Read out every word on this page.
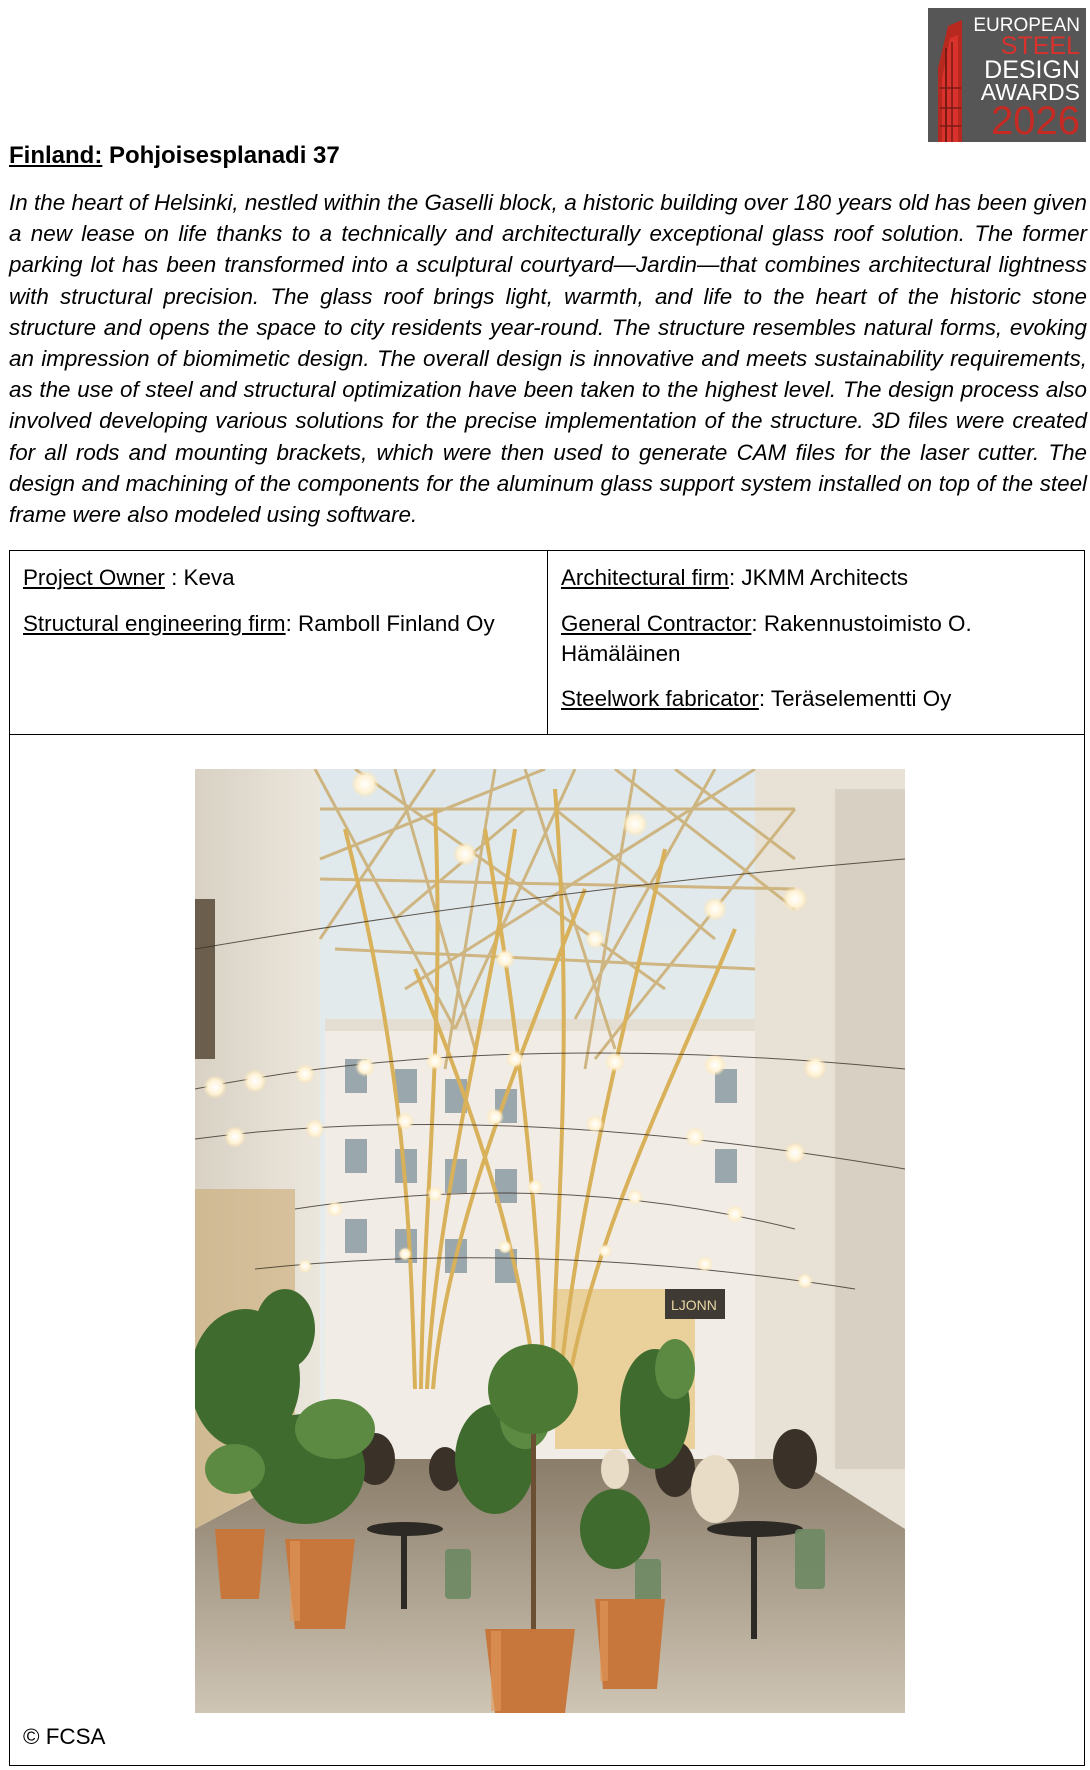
EUROPEAN
STEEL
DESIGN
AWARDS
2026
Finland: Pohjoisesplanadi 37

In the heart of Helsinki, nestled within the Gaselli block, a historic building over 180 years old has been given a new lease on life thanks to a technically and architecturally exceptional glass roof solution. The former parking lot has been transformed into a sculptural courtyard—Jardin—that combines architectural lightness with structural precision. The glass roof brings light, warmth, and life to the heart of the historic stone structure and opens the space to city residents year-round. The structure resembles natural forms, evoking an impression of biomimetic design. The overall design is innovative and meets sustainability requirements, as the use of steel and structural optimization have been taken to the highest level. The design process also involved developing various solutions for the precise implementation of the structure. 3D files were created for all rods and mounting brackets, which were then used to generate CAM files for the laser cutter. The design and machining of the components for the aluminum glass support system installed on top of the steel frame were also modeled using software.

Project Owner : Keva
Structural engineering firm: Ramboll Finland Oy
Architectural firm: JKMM Architects
General Contractor: Rakennustoimisto O. Hämäläinen
Steelwork fabricator: Teräselementti Oy
LJONN
© FCSA
